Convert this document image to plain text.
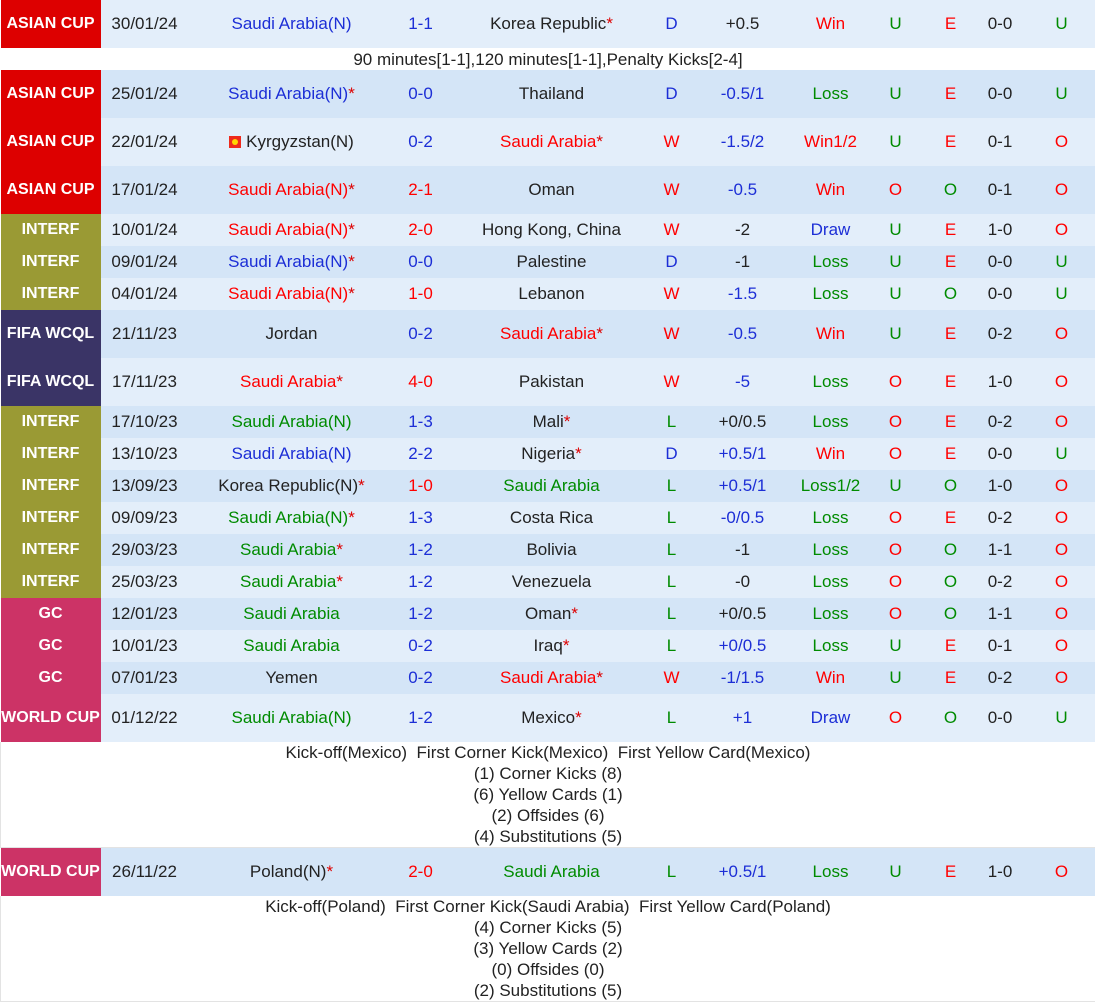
ASIAN CUP	30/01/24	Saudi Arabia(N)	1-1	Korea Republic*	D	+0.5	Win	U	E	0-0	U

90 minutes[1-1],120 minutes[1-1],Penalty Kicks[2-4]											

ASIAN CUP	25/01/24	Saudi Arabia(N)*	0-0	Thailand	D	-0.5/1	Loss	U	E	0-0	U
ASIAN CUP	22/01/24	Kyrgyzstan(N)	0-2	Saudi Arabia*	W	-1.5/2	Win1/2	U	E	0-1	O
ASIAN CUP	17/01/24	Saudi Arabia(N)*	2-1	Oman	W	-0.5	Win	O	O	0-1	O
INTERF	10/01/24	Saudi Arabia(N)*	2-0	Hong Kong, China	W	-2	Draw	U	E	1-0	O
INTERF	09/01/24	Saudi Arabia(N)*	0-0	Palestine	D	-1	Loss	U	E	0-0	U
INTERF	04/01/24	Saudi Arabia(N)*	1-0	Lebanon	W	-1.5	Loss	U	O	0-0	U
FIFA WCQL	21/11/23	Jordan	0-2	Saudi Arabia*	W	-0.5	Win	U	E	0-2	O
FIFA WCQL	17/11/23	Saudi Arabia*	4-0	Pakistan	W	-5	Loss	O	E	1-0	O
INTERF	17/10/23	Saudi Arabia(N)	1-3	Mali*	L	+0/0.5	Loss	O	E	0-2	O
INTERF	13/10/23	Saudi Arabia(N)	2-2	Nigeria*	D	+0.5/1	Win	O	E	0-0	U
INTERF	13/09/23	Korea Republic(N)*	1-0	Saudi Arabia	L	+0.5/1	Loss1/2	U	O	1-0	O
INTERF	09/09/23	Saudi Arabia(N)*	1-3	Costa Rica	L	-0/0.5	Loss	O	E	0-2	O
INTERF	29/03/23	Saudi Arabia*	1-2	Bolivia	L	-1	Loss	O	O	1-1	O
INTERF	25/03/23	Saudi Arabia*	1-2	Venezuela	L	-0	Loss	O	O	0-2	O
GC	12/01/23	Saudi Arabia	1-2	Oman*	L	+0/0.5	Loss	O	O	1-1	O
GC	10/01/23	Saudi Arabia	0-2	Iraq*	L	+0/0.5	Loss	U	E	0-1	O
GC	07/01/23	Yemen	0-2	Saudi Arabia*	W	-1/1.5	Win	U	E	0-2	O
WORLD CUP	01/12/22	Saudi Arabia(N)	1-2	Mexico*	L	+1	Draw	O	O	0-0	U

Kick-off(Mexico)  First Corner Kick(Mexico)  First Yellow Card(Mexico)
(1) Corner Kicks (8)
(6) Yellow Cards (1)
(2) Offsides (6)
(4) Substitutions (5)											

WORLD CUP	26/11/22	Poland(N)*	2-0	Saudi Arabia	L	+0.5/1	Loss	U	E	1-0	O

Kick-off(Poland)  First Corner Kick(Saudi Arabia)  First Yellow Card(Poland)
(4) Corner Kicks (5)
(3) Yellow Cards (2)
(0) Offsides (0)
(2) Substitutions (5)											
